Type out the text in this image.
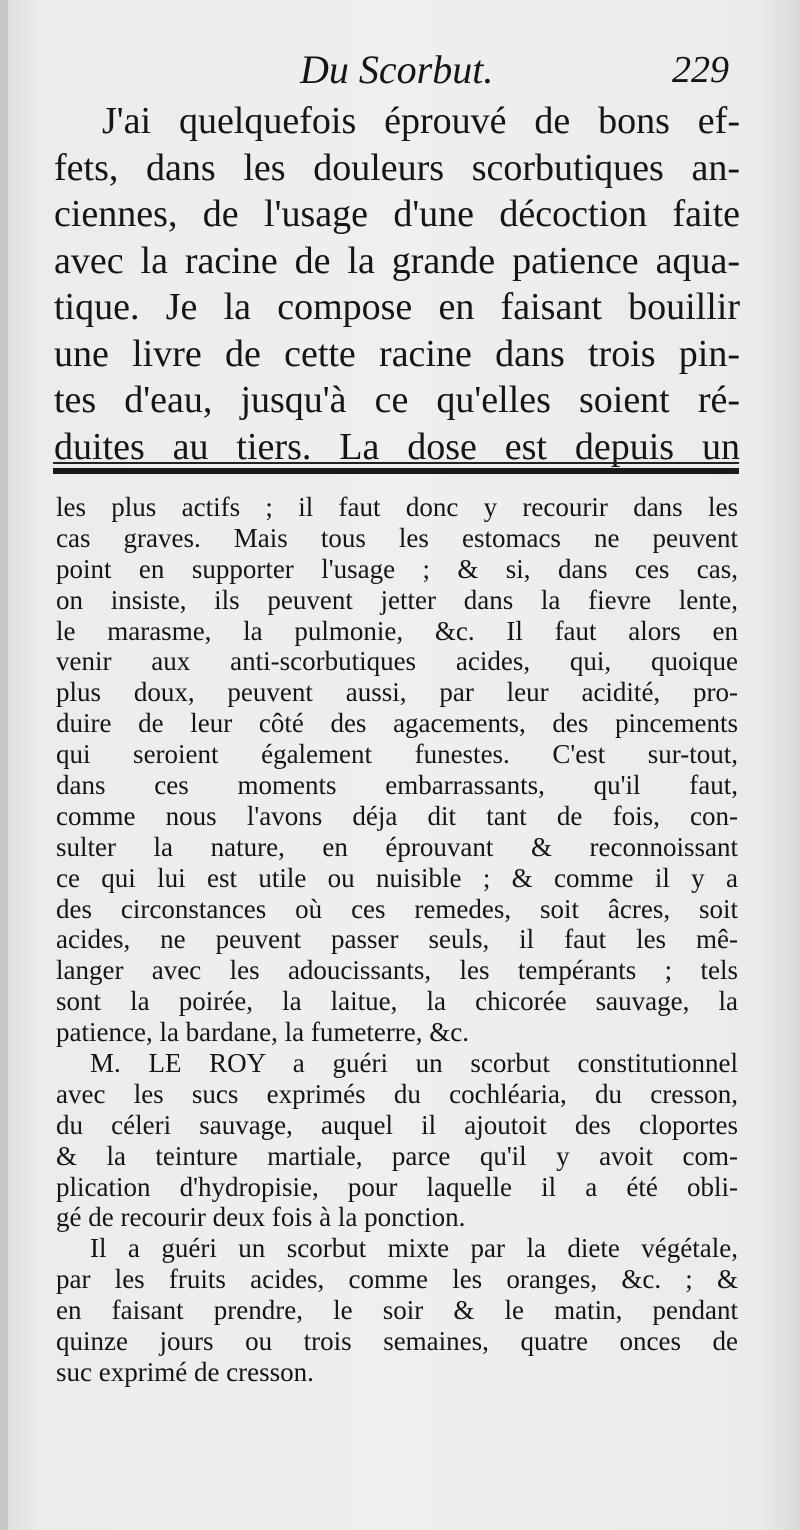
Du Scorbut.	229
J'ai quelquefois éprouvé de bons ef-
fets, dans les douleurs scorbutiques an-
ciennes, de l'usage d'une décoction faite
avec la racine de la grande patience aqua-
tique. Je la compose en faisant bouillir
une livre de cette racine dans trois pin-
tes d'eau, jusqu'à ce qu'elles soient ré-
duites au tiers. La dose est depuis un
les plus actifs ; il faut donc y recourir dans les
cas graves. Mais tous les estomacs ne peuvent
point en supporter l'usage ; & si, dans ces cas,
on insiste, ils peuvent jetter dans la fievre lente,
le marasme, la pulmonie, &c. Il faut alors en
venir aux anti-scorbutiques acides, qui, quoique
plus doux, peuvent aussi, par leur acidité, pro-
duire de leur côté des agacements, des pincements
qui seroient également funestes. C'est sur-tout,
dans ces moments embarrassants, qu'il faut,
comme nous l'avons déja dit tant de fois, con-
sulter la nature, en éprouvant & reconnoissant
ce qui lui est utile ou nuisible ; & comme il y a
des circonstances où ces remedes, soit âcres, soit
acides, ne peuvent passer seuls, il faut les mê-
langer avec les adoucissants, les tempérants ; tels
sont la poirée, la laitue, la chicorée sauvage, la
patience, la bardane, la fumeterre, &c.
M. LE ROY a guéri un scorbut constitutionnel
avec les sucs exprimés du cochléaria, du cresson,
du céleri sauvage, auquel il ajoutoit des cloportes
& la teinture martiale, parce qu'il y avoit com-
plication d'hydropisie, pour laquelle il a été obli-
gé de recourir deux fois à la ponction.
Il a guéri un scorbut mixte par la diete végétale,
par les fruits acides, comme les oranges, &c. ; &
en faisant prendre, le soir & le matin, pendant
quinze jours ou trois semaines, quatre onces de
suc exprimé de cresson.
